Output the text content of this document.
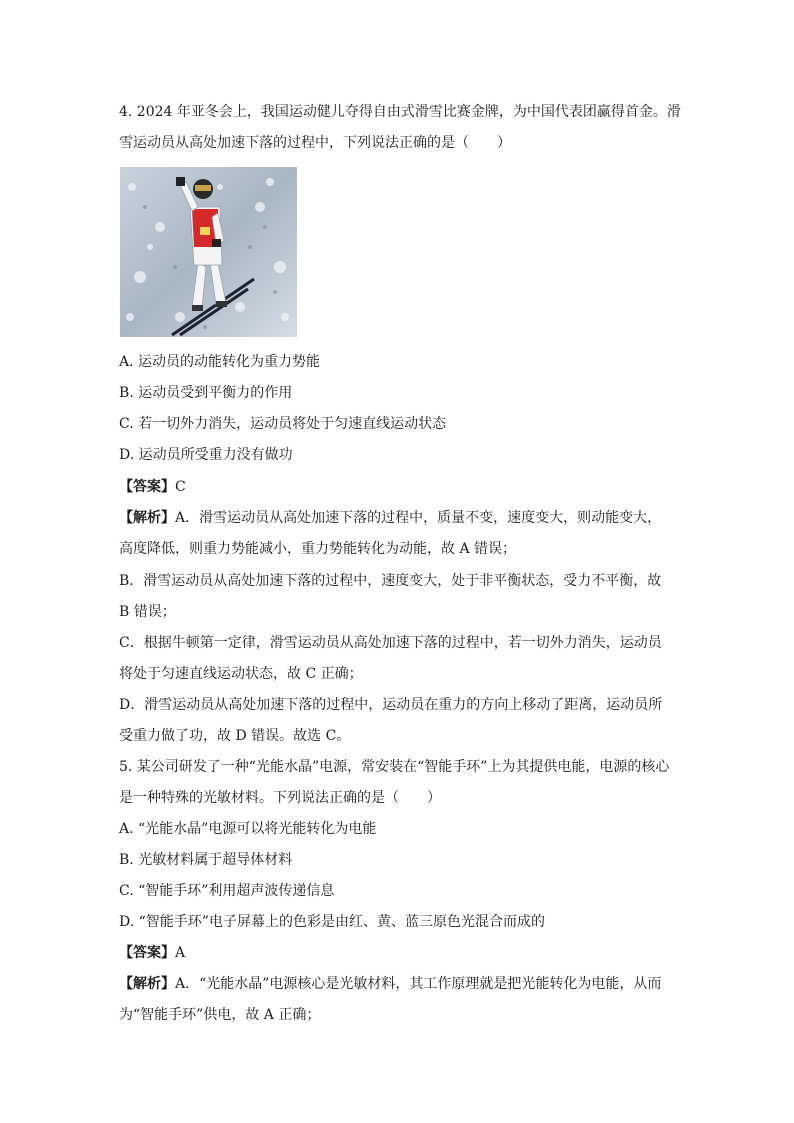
4. 2024 年亚冬会上，我国运动健儿夺得自由式滑雪比赛金牌，为中国代表团赢得首金。滑
雪运动员从高处加速下落的过程中，下列说法正确的是（　　）
A. 运动员的动能转化为重力势能
B. 运动员受到平衡力的作用
C. 若一切外力消失，运动员将处于匀速直线运动状态
D. 运动员所受重力没有做功
【答案】C
【解析】A．滑雪运动员从高处加速下落的过程中，质量不变，速度变大，则动能变大，
高度降低，则重力势能减小，重力势能转化为动能，故 A 错误；
B．滑雪运动员从高处加速下落的过程中，速度变大，处于非平衡状态，受力不平衡，故
B 错误；
C．根据牛顿第一定律，滑雪运动员从高处加速下落的过程中，若一切外力消失，运动员
将处于匀速直线运动状态，故 C 正确；
D．滑雪运动员从高处加速下落的过程中，运动员在重力的方向上移动了距离，运动员所
受重力做了功，故 D 错误。故选 C。
5. 某公司研发了一种“光能水晶”电源，常安装在“智能手环”上为其提供电能，电源的核心
是一种特殊的光敏材料。下列说法正确的是（　　）
A. “光能水晶”电源可以将光能转化为电能
B. 光敏材料属于超导体材料
C. “智能手环”利用超声波传递信息
D. “智能手环”电子屏幕上的色彩是由红、黄、蓝三原色光混合而成的
【答案】A
【解析】A．“光能水晶”电源核心是光敏材料，其工作原理就是把光能转化为电能，从而
为“智能手环”供电，故 A 正确；
